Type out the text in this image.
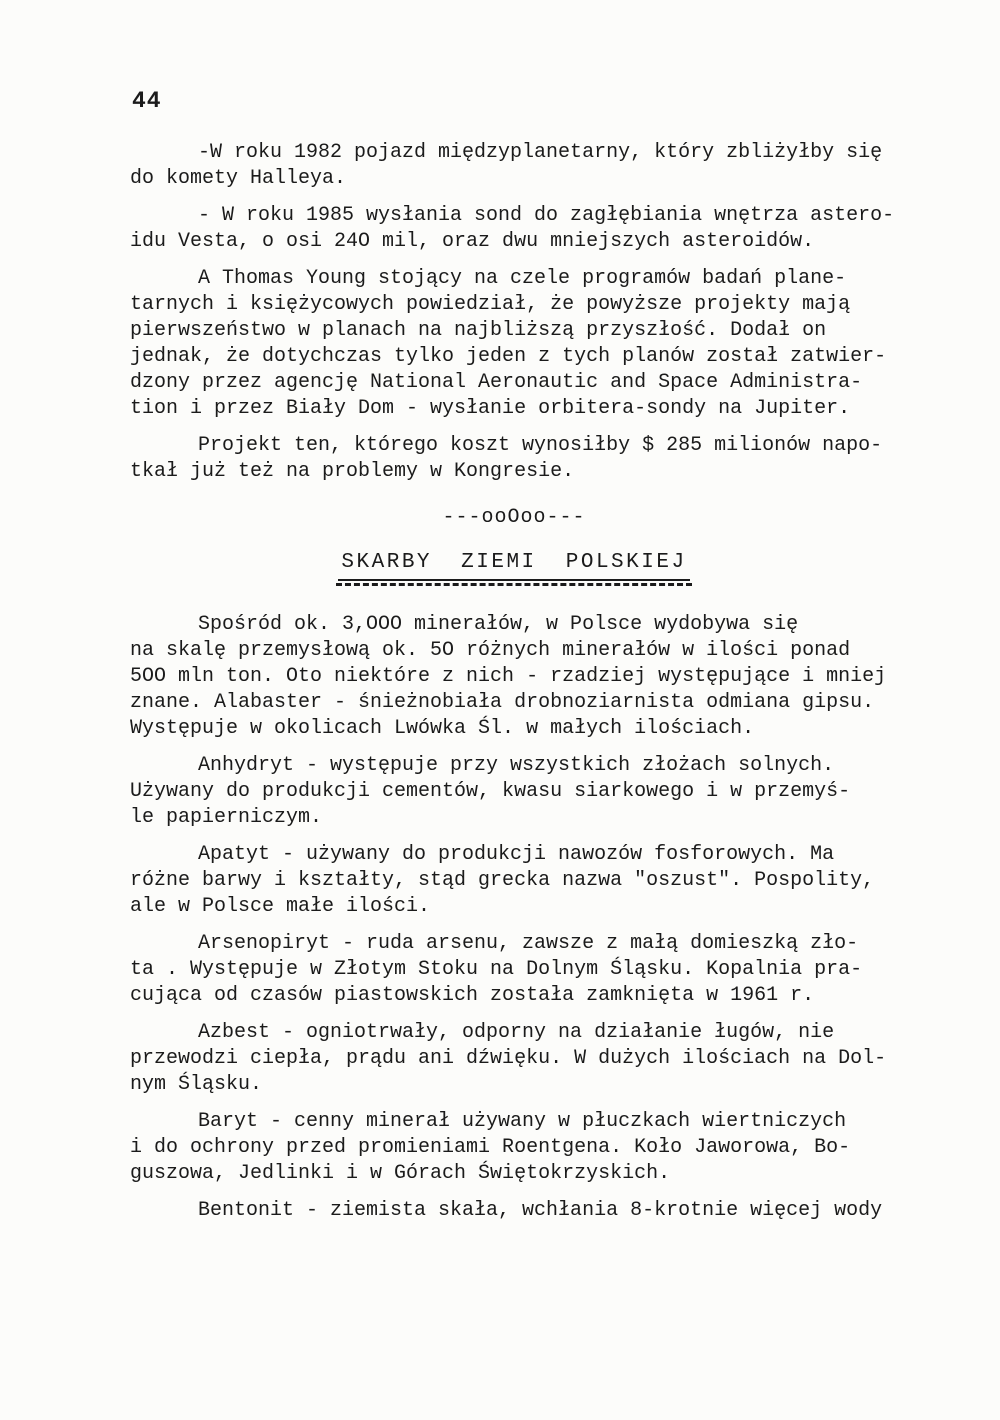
44
-W roku 1982 pojazd międzyplanetarny, który zbliżyłby się
do komety Halleya.
- W roku 1985 wysłania sond do zagłębiania wnętrza astero-
idu Vesta, o osi 24O mil, oraz dwu mniejszych asteroidów.
A Thomas Young stojący na czele programów badań plane-
tarnych i księżycowych powiedział, że powyższe projekty mają
pierwszeństwo w planach na najbliższą przyszłość. Dodał on
jednak, że dotychczas tylko jeden z tych planów został zatwier-
dzony przez agencję National Aeronautic and Space Administra-
tion i przez Biały Dom - wysłanie orbitera-sondy na Jupiter.
Projekt ten, którego koszt wynosiłby $ 285 milionów napo-
tkał już też na problemy w Kongresie.
---ooOoo---
SKARBY ZIEMI POLSKIEJ
Spośród ok. 3,OOO minerałów, w Polsce wydobywa się
na skalę przemysłową ok. 5O różnych minerałów w ilości ponad
5OO mln ton. Oto niektóre z nich - rzadziej występujące i mniej
znane. Alabaster - śnieżnobiała drobnoziarnista odmiana gipsu.
Występuje w okolicach Lwówka Śl. w małych ilościach.
Anhydryt - występuje przy wszystkich złożach solnych.
Używany do produkcji cementów, kwasu siarkowego i w przemyś-
le papierniczym.
Apatyt - używany do produkcji nawozów fosforowych. Ma
różne barwy i kształty, stąd grecka nazwa "oszust". Pospolity,
ale w Polsce małe ilości.
Arsenopiryt - ruda arsenu, zawsze z małą domieszką zło-
ta . Występuje w Złotym Stoku na Dolnym Śląsku. Kopalnia pra-
cująca od czasów piastowskich została zamknięta w 1961 r.
Azbest - ogniotrwały, odporny na działanie ługów, nie
przewodzi ciepła, prądu ani dźwięku. W dużych ilościach na Dol-
nym Śląsku.
Baryt - cenny minerał używany w płuczkach wiertniczych
i do ochrony przed promieniami Roentgena. Koło Jaworowa, Bo-
guszowa, Jedlinki i w Górach Świętokrzyskich.
Bentonit - ziemista skała, wchłania 8-krotnie więcej wody
